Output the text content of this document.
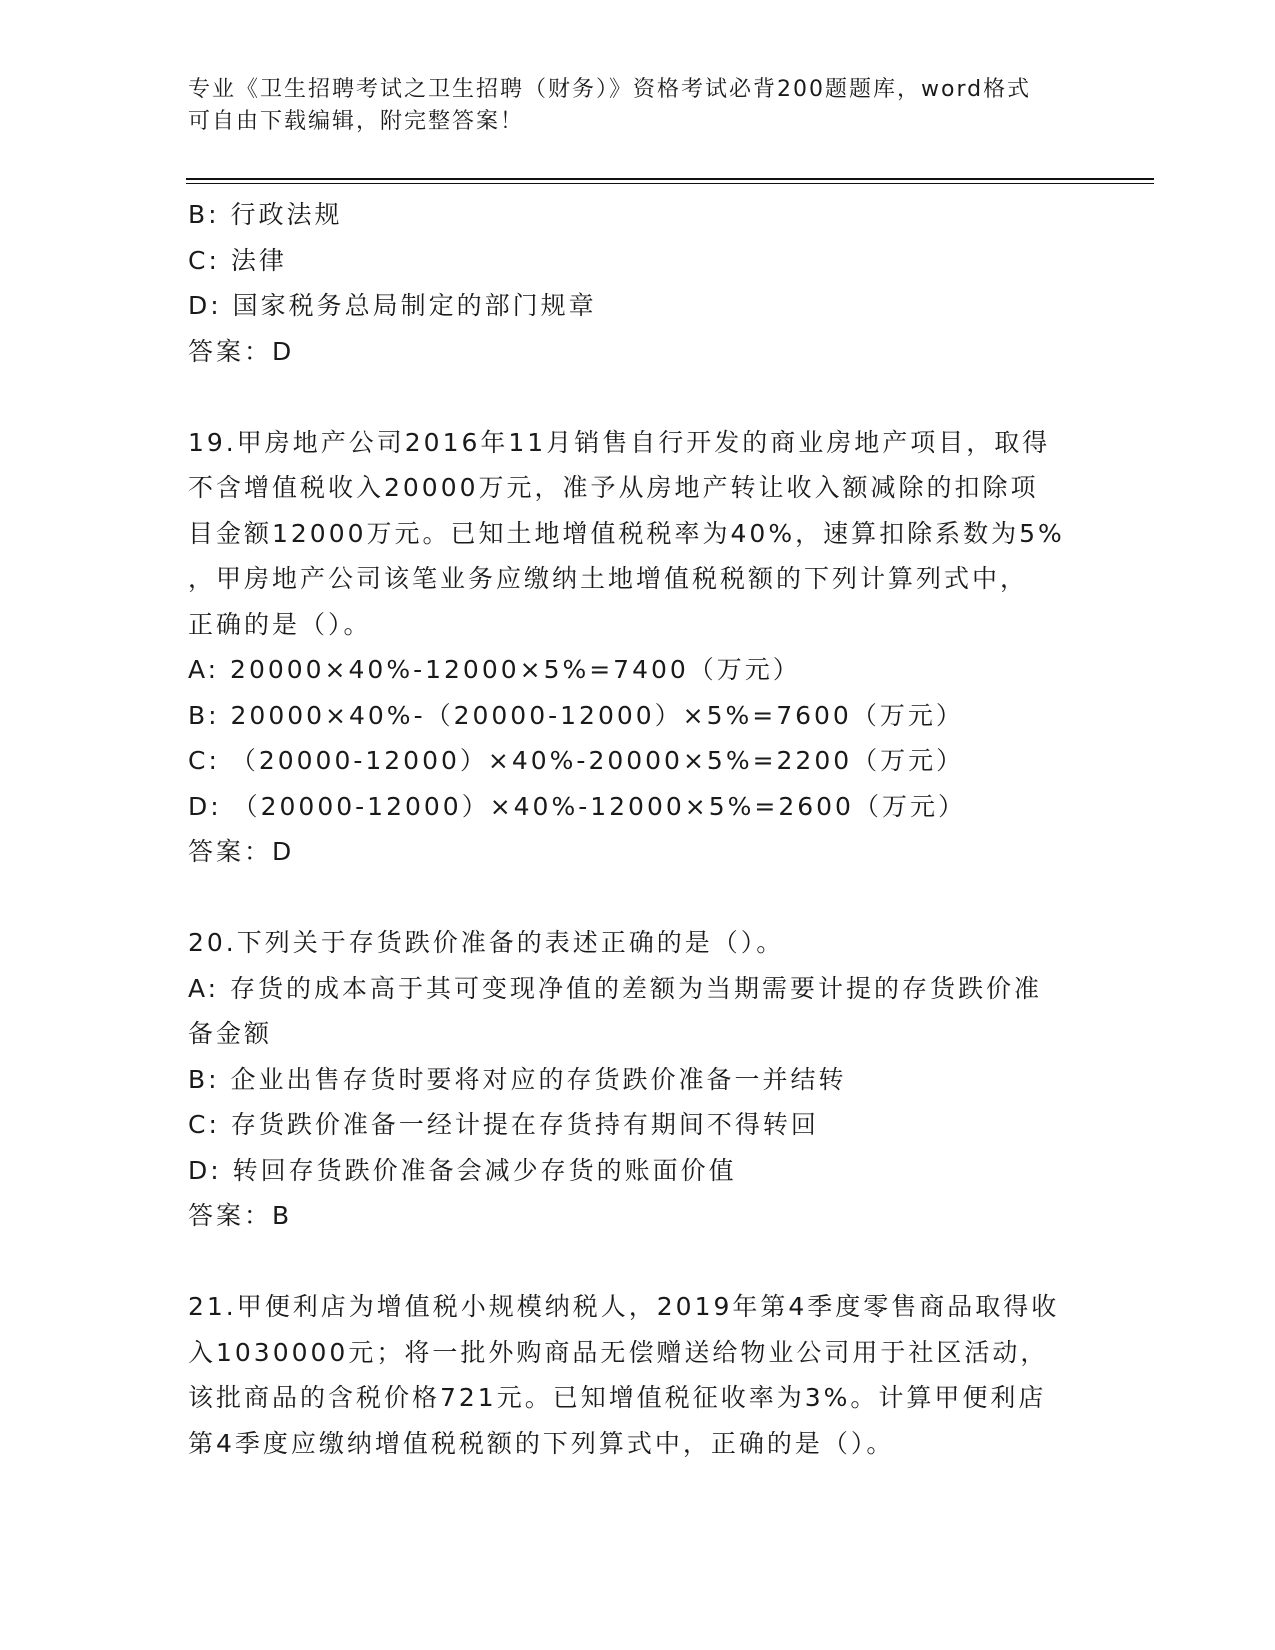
专业《卫生招聘考试之卫生招聘（财务）》资格考试必背200题题库，word格式
可自由下载编辑，附完整答案！
B: 行政法规
C: 法律
D: 国家税务总局制定的部门规章
答案：D
19.甲房地产公司2016年11月销售自行开发的商业房地产项目，取得
不含增值税收入20000万元，准予从房地产转让收入额减除的扣除项
目金额12000万元。已知土地增值税税率为40%，速算扣除系数为5%
，甲房地产公司该笔业务应缴纳土地增值税税额的下列计算列式中，
正确的是（）。
A: 20000×40%-12000×5%=7400（万元）
B: 20000×40%-（20000-12000）×5%=7600（万元）
C: （20000-12000）×40%-20000×5%=2200（万元）
D: （20000-12000）×40%-12000×5%=2600（万元）
答案：D
20.下列关于存货跌价准备的表述正确的是（）。
A: 存货的成本高于其可变现净值的差额为当期需要计提的存货跌价准
备金额
B: 企业出售存货时要将对应的存货跌价准备一并结转
C: 存货跌价准备一经计提在存货持有期间不得转回
D: 转回存货跌价准备会减少存货的账面价值
答案：B
21.甲便利店为增值税小规模纳税人，2019年第4季度零售商品取得收
入1030000元；将一批外购商品无偿赠送给物业公司用于社区活动，
该批商品的含税价格721元。已知增值税征收率为3%。计算甲便利店
第4季度应缴纳增值税税额的下列算式中，正确的是（）。
